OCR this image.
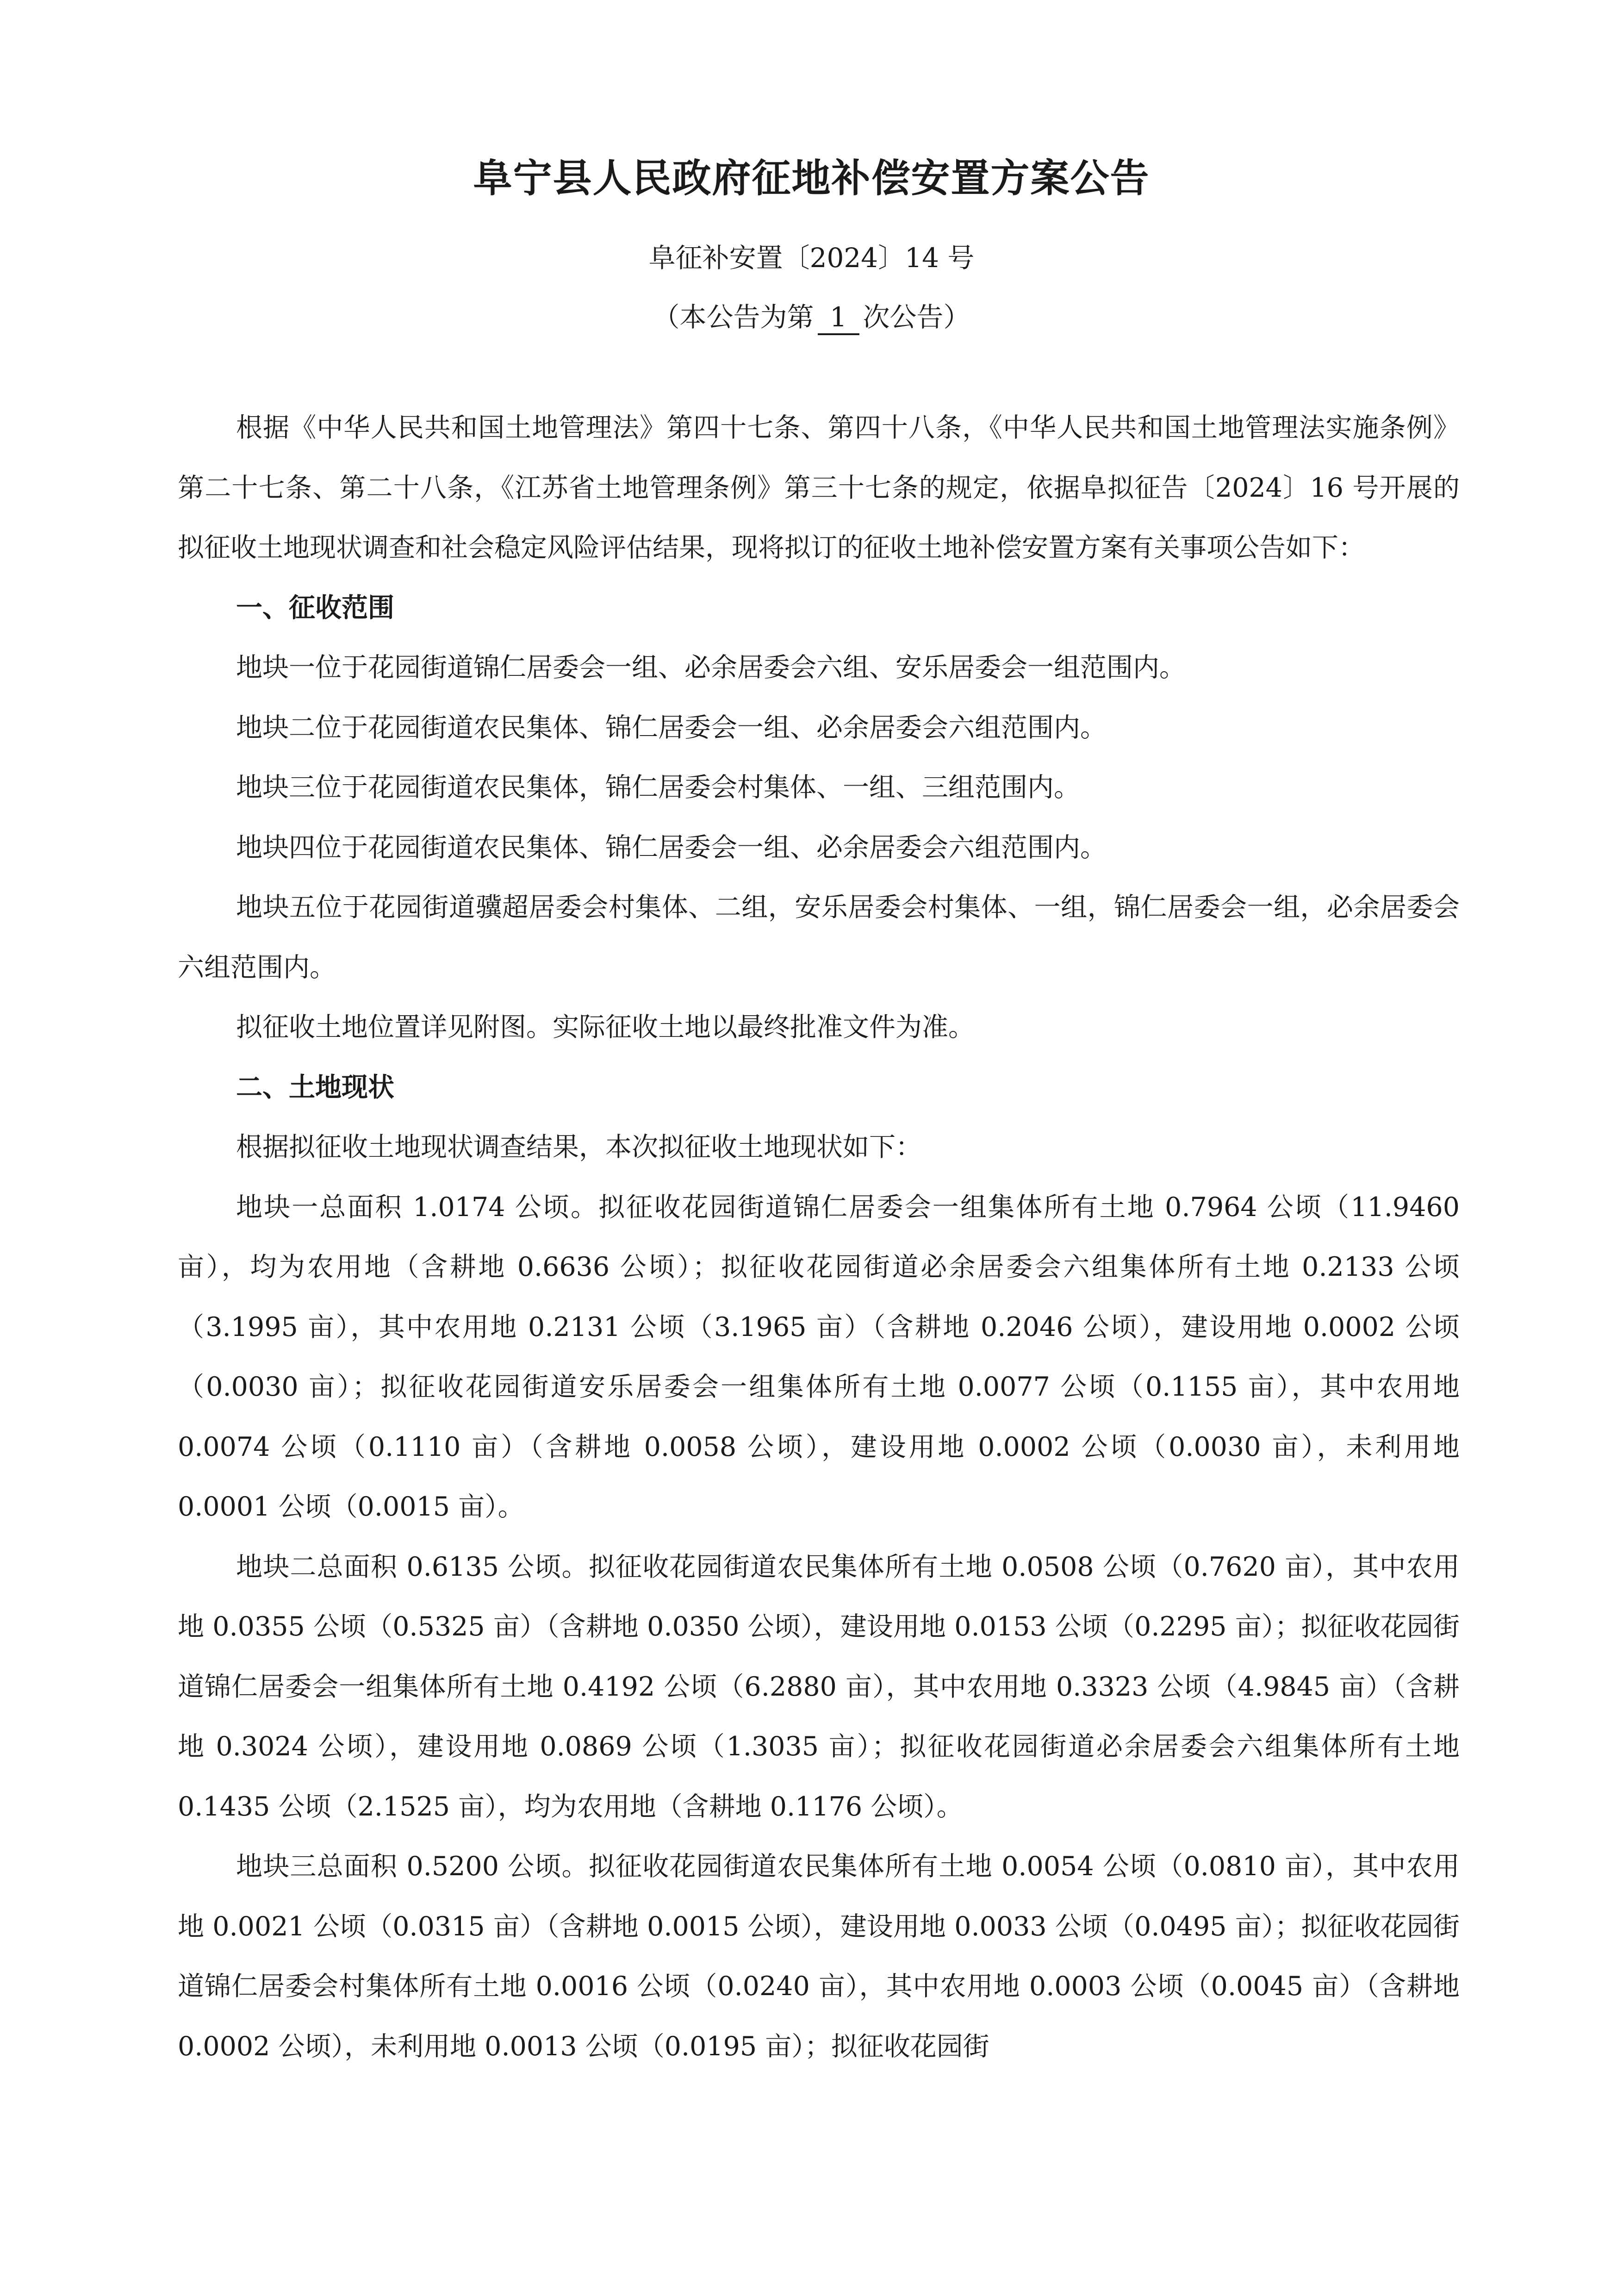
阜宁县人民政府征地补偿安置方案公告
阜征补安置〔2024〕14 号
（本公告为第 1 次公告）

根据《中华人民共和国土地管理法》第四十七条、第四十八条，《中华人民共和国土地管理法实施条例》第二十七条、第二十八条，《江苏省土地管理条例》第三十七条的规定，依据阜拟征告〔2024〕16 号开展的拟征收土地现状调查和社会稳定风险评估结果，现将拟订的征收土地补偿安置方案有关事项公告如下：

一、征收范围

地块一位于花园街道锦仁居委会一组、必余居委会六组、安乐居委会一组范围内。

地块二位于花园街道农民集体、锦仁居委会一组、必余居委会六组范围内。

地块三位于花园街道农民集体，锦仁居委会村集体、一组、三组范围内。

地块四位于花园街道农民集体、锦仁居委会一组、必余居委会六组范围内。

地块五位于花园街道骥超居委会村集体、二组，安乐居委会村集体、一组，锦仁居委会一组，必余居委会六组范围内。

拟征收土地位置详见附图。实际征收土地以最终批准文件为准。

二、土地现状

根据拟征收土地现状调查结果，本次拟征收土地现状如下：

地块一总面积 1.0174 公顷。拟征收花园街道锦仁居委会一组集体所有土地 0.7964 公顷（11.9460 亩），均为农用地（含耕地 0.6636 公顷）；拟征收花园街道必余居委会六组集体所有土地 0.2133 公顷（3.1995 亩），其中农用地 0.2131 公顷（3.1965 亩）（含耕地 0.2046 公顷），建设用地 0.0002 公顷（0.0030 亩）；拟征收花园街道安乐居委会一组集体所有土地 0.0077 公顷（0.1155 亩），其中农用地 0.0074 公顷（0.1110 亩）（含耕地 0.0058 公顷），建设用地 0.0002 公顷（0.0030 亩），未利用地 0.0001 公顷（0.0015 亩）。

地块二总面积 0.6135 公顷。拟征收花园街道农民集体所有土地 0.0508 公顷（0.7620 亩），其中农用地 0.0355 公顷（0.5325 亩）（含耕地 0.0350 公顷），建设用地 0.0153 公顷（0.2295 亩）；拟征收花园街道锦仁居委会一组集体所有土地 0.4192 公顷（6.2880 亩），其中农用地 0.3323 公顷（4.9845 亩）（含耕地 0.3024 公顷），建设用地 0.0869 公顷（1.3035 亩）；拟征收花园街道必余居委会六组集体所有土地 0.1435 公顷（2.1525 亩），均为农用地（含耕地 0.1176 公顷）。

地块三总面积 0.5200 公顷。拟征收花园街道农民集体所有土地 0.0054 公顷（0.0810 亩），其中农用地 0.0021 公顷（0.0315 亩）（含耕地 0.0015 公顷），建设用地 0.0033 公顷（0.0495 亩）；拟征收花园街道锦仁居委会村集体所有土地 0.0016 公顷（0.0240 亩），其中农用地 0.0003 公顷（0.0045 亩）（含耕地 0.0002 公顷），未利用地 0.0013 公顷（0.0195 亩）；拟征收花园街
